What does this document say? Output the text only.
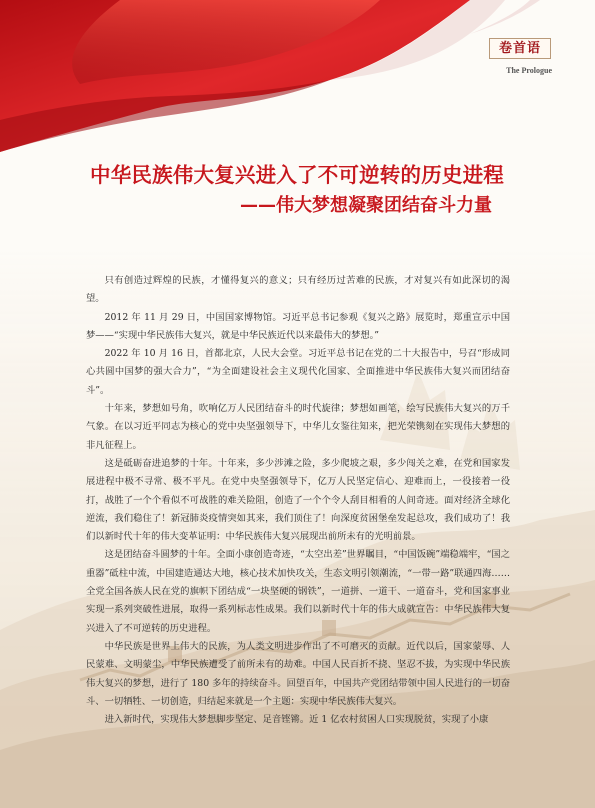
卷首语
The Prologue
中华民族伟大复兴进入了不可逆转的历史进程
——伟大梦想凝聚团结奋斗力量

只有创造过辉煌的民族，才懂得复兴的意义；只有经历过苦难的民族，才对复兴有如此深切的渴望。

2012 年 11 月 29 日，中国国家博物馆。习近平总书记参观《复兴之路》展览时，郑重宣示中国梦——“实现中华民族伟大复兴，就是中华民族近代以来最伟大的梦想。”

2022 年 10 月 16 日，首都北京，人民大会堂。习近平总书记在党的二十大报告中，号召“形成同心共圆中国梦的强大合力”，“为全面建设社会主义现代化国家、全面推进中华民族伟大复兴而团结奋斗”。

十年来，梦想如号角，吹响亿万人民团结奋斗的时代旋律；梦想如画笔，绘写民族伟大复兴的万千气象。在以习近平同志为核心的党中央坚强领导下，中华儿女鉴往知来，把光荣镌刻在实现伟大梦想的非凡征程上。

这是砥砺奋进追梦的十年。十年来，多少涉滩之险，多少爬坡之艰，多少闯关之难，在党和国家发展进程中极不寻常、极不平凡。在党中央坚强领导下，亿万人民坚定信心、迎难而上，一役接着一役打，战胜了一个个看似不可战胜的难关险阻，创造了一个个令人刮目相看的人间奇迹。面对经济全球化逆流，我们稳住了！新冠肺炎疫情突如其来，我们顶住了！向深度贫困堡垒发起总攻，我们成功了！我们以新时代十年的伟大变革证明：中华民族伟大复兴展现出前所未有的光明前景。

这是团结奋斗圆梦的十年。全面小康创造奇迹，“太空出差”世界瞩目，“中国饭碗”端稳端牢，“国之重器”砥柱中流，中国建造通达大地，核心技术加快攻关，生态文明引领潮流，“一带一路”联通四海……全党全国各族人民在党的旗帜下团结成“一块坚硬的钢铁”，一道拼、一道干、一道奋斗，党和国家事业实现一系列突破性进展，取得一系列标志性成果。我们以新时代十年的伟大成就宣告：中华民族伟大复兴进入了不可逆转的历史进程。

中华民族是世界上伟大的民族，为人类文明进步作出了不可磨灭的贡献。近代以后，国家蒙辱、人民蒙难、文明蒙尘，中华民族遭受了前所未有的劫难。中国人民百折不挠、坚忍不拔，为实现中华民族伟大复兴的梦想，进行了 180 多年的持续奋斗。回望百年，中国共产党团结带领中国人民进行的一切奋斗、一切牺牲、一切创造，归结起来就是一个主题：实现中华民族伟大复兴。

进入新时代，实现伟大梦想脚步坚定、足音铿锵。近 1 亿农村贫困人口实现脱贫，实现了小康
